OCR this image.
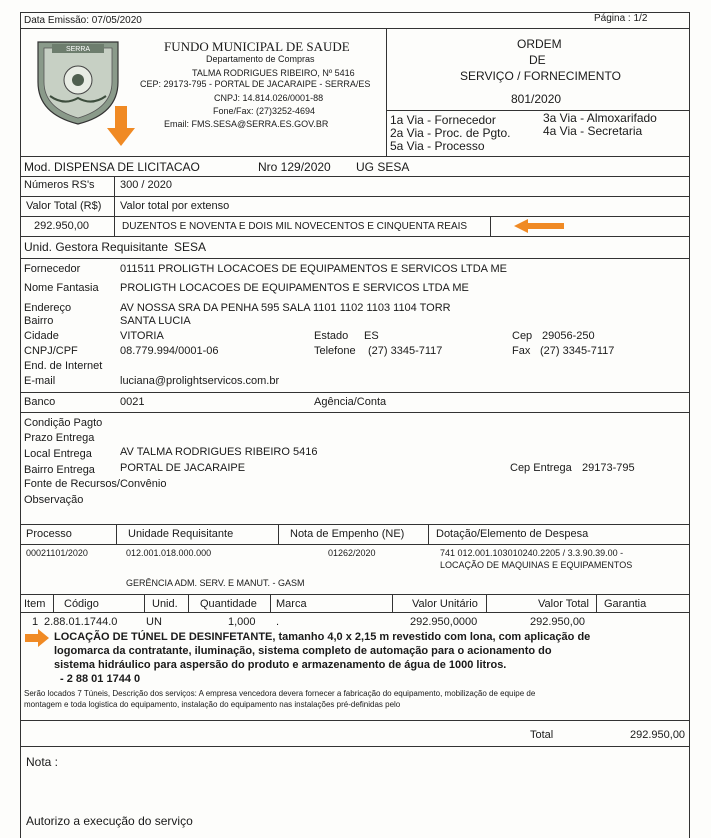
Data Emissão: 07/05/2020	Página : 1/2
SERRA	FUNDO MUNICIPAL DE SAUDE
Departamento de Compras
TALMA RODRIGUES RIBEIRO, Nº 5416
CEP: 29173-795 - PORTAL DE JACARAIPE - SERRA/ES
CNPJ: 14.814.026/0001-88
Fone/Fax: (27)3252-4694
Email: FMS.SESA@SERRA.ES.GOV.BR
ORDEM
DE
SERVIÇO / FORNECIMENTO
801/2020
1a Via - Fornecedor
2a Via - Proc. de Pgto.
5a Via - Processo
3a Via - Almoxarifado
4a Via - Secretaria
Mod. DISPENSA DE LICITACAO	Nro 129/2020 UG SESA
Números RS's 300 / 2020
Valor Total (R$) Valor total por extenso
292.950,00	DUZENTOS E NOVENTA E DOIS MIL NOVECENTOS E CINQUENTA REAIS
Unid. Gestora Requisitante SESA
Fornecedor	011511 PROLIGTH LOCACOES DE EQUIPAMENTOS E SERVICOS LTDA ME
Nome Fantasia PROLIGTH LOCACOES DE EQUIPAMENTOS E SERVICOS LTDA ME
Endereço	AV NOSSA SRA DA PENHA 595 SALA 1101 1102 1103 1104 TORR
Bairro	SANTA LUCIA
Cidade	VITORIA	Estado ES	Cep 29056-250
CNPJ/CPF	08.779.994/0001-06	Telefone (27) 3345-7117	Fax (27) 3345-7117
End. de Internet
E-mail	luciana@prolightservicos.com.br
Banco	0021	Agência/Conta
Condição Pagto
Prazo Entrega
Local Entrega	AV TALMA RODRIGUES RIBEIRO 5416
Bairro Entrega PORTAL DE JACARAIPE	Cep Entrega 29173-795
Fonte de Recursos/Convênio
Observação
Processo	Unidade Requisitante	Nota de Empenho (NE)	Dotação/Elemento de Despesa
00021101/2020	012.001.018.000.000	01262/2020	741 012.001.103010240.2205 / 3.3.90.39.00 -
LOCAÇÃO DE MAQUINAS E EQUIPAMENTOS
GERÊNCIA ADM. SERV. E MANUT. - GASM
Item Código	Unid. Quantidade Marca	Valor Unitário	Valor Total Garantia
1 2.88.01.1744.0	UN	1,000 .	292.950,0000	292.950,00
LOCAÇÃO DE TÚNEL DE DESINFETANTE, tamanho 4,0 x 2,15 m revestido com lona, com aplicação de
logomarca da contratante, iluminação, sistema completo de automação para o acionamento do
sistema hidráulico para aspersão do produto e armazenamento de água de 1000 litros.
- 2 88 01 1744 0
Serão locados 7 Túneis, Descrição dos serviços: A empresa vencedora devera fornecer a fabricação do equipamento, mobilização de equipe de
montagem e toda logistica do equipamento, instalação do equipamento nas instalações pré-definidas pelo
Total	292.950,00
Nota :
Autorizo a execução do serviço
